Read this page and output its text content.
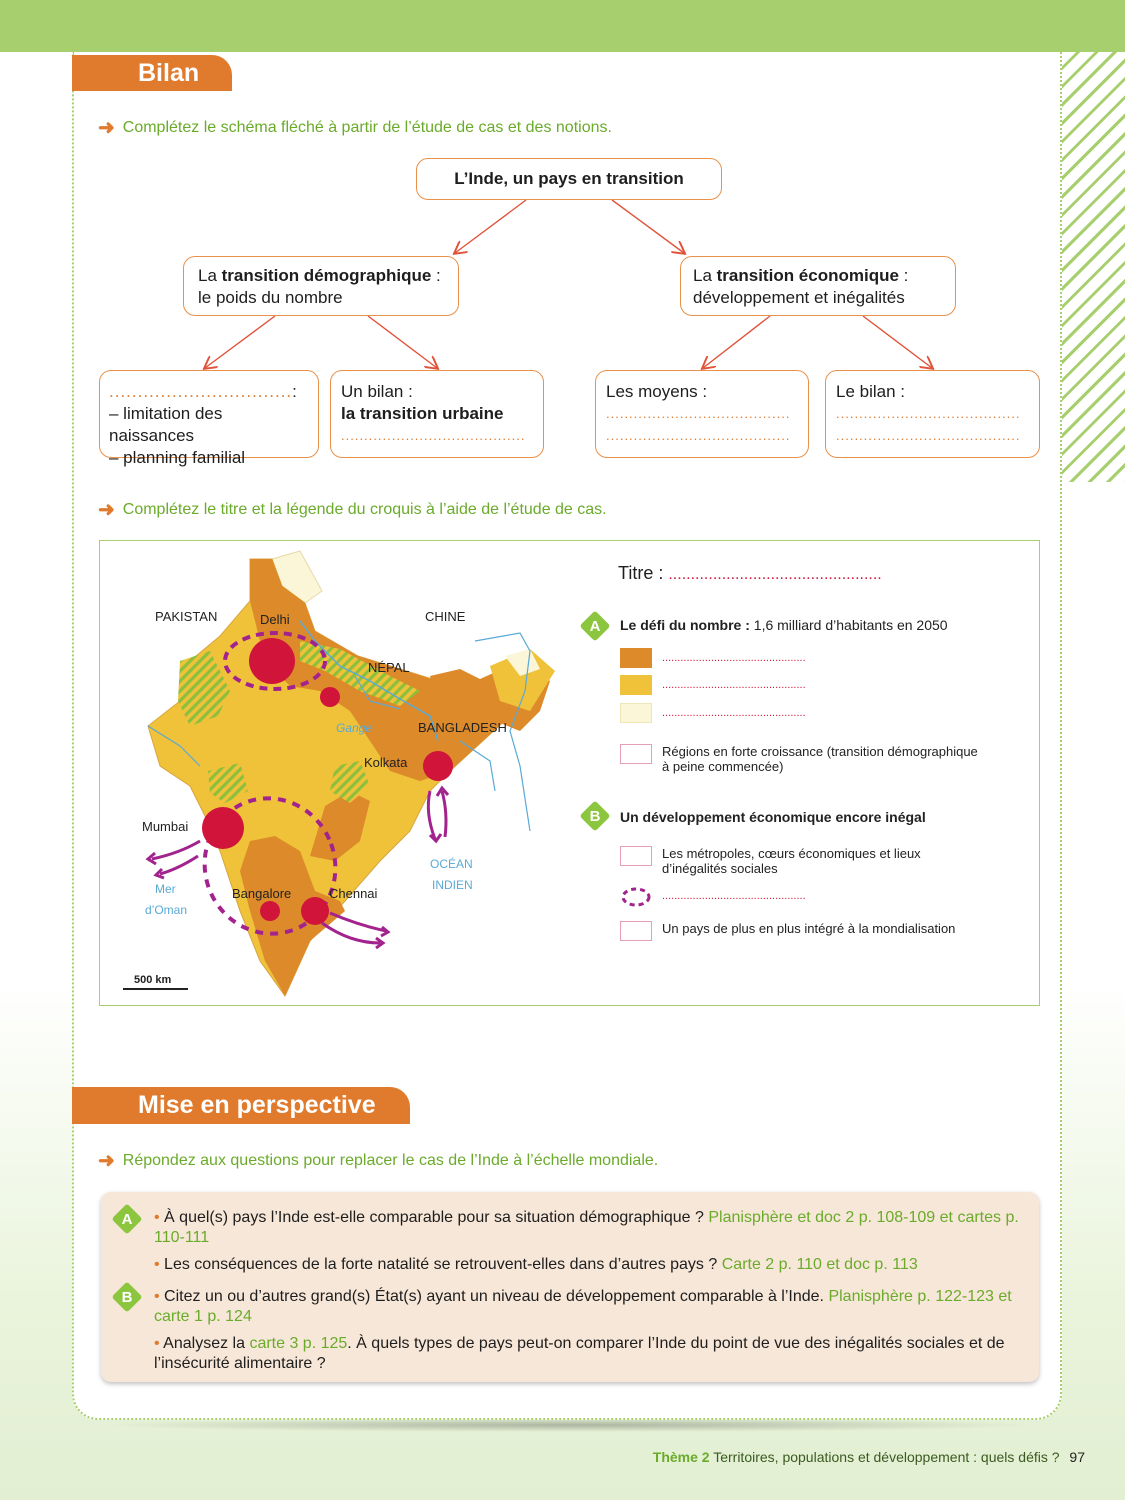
Bilan
➜ Complétez le schéma fléché à partir de l’étude de cas et des notions.
L’Inde, un pays en transition
La transition démographique :
le poids du nombre
La transition économique :
développement et inégalités
................................:
– limitation des naissances
– planning familial
Un bilan :
la transition urbaine
........................................
Les moyens :
........................................
........................................
Le bilan :
........................................
........................................
➜ Complétez le titre et la légende du croquis à l’aide de l’étude de cas.
PAKISTAN	CHINE
NÉPAL
BANGLADESH
Delhi
Gange
Kolkata
Mumbai
Bangalore	Chennai
Mer
d’Oman
OCÉAN
INDIEN
500 km
Titre : ................................................
A	Le défi du nombre : 1,6 milliard d’habitants en 2050
...............................................
...............................................
...............................................
Régions en forte croissance (transition démographique à peine commencée)
B	Un développement économique encore inégal
Les métropoles, cœurs économiques et lieux d’inégalités sociales
...............................................
Un pays de plus en plus intégré à la mondialisation
Mise en perspective
➜ Répondez aux questions pour replacer le cas de l’Inde à l’échelle mondiale.
A
B
• À quel(s) pays l’Inde est-elle comparable pour sa situation démographique ? Planisphère et doc 2 p. 108-109 et cartes p. 110-111
• Les conséquences de la forte natalité se retrouvent-elles dans d’autres pays ? Carte 2 p. 110 et doc p. 113
• Citez un ou d’autres grand(s) État(s) ayant un niveau de développement comparable à l’Inde. Planisphère p. 122-123 et carte 1 p. 124
• Analysez la carte 3 p. 125. À quels types de pays peut-on comparer l’Inde du point de vue des inégalités sociales et de l’insécurité alimentaire ?
Thème 2 Territoires, populations et développement : quels défis ? 97
